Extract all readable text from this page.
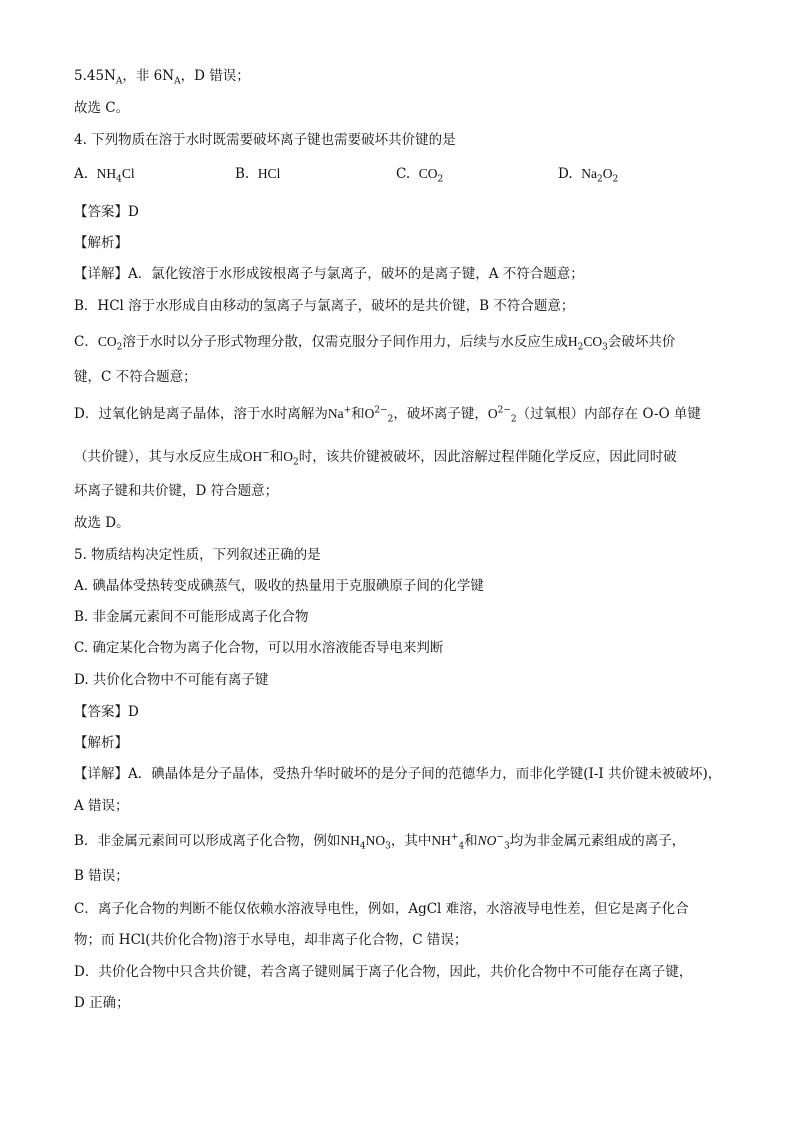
$5.45N_A$，非 $6N_A$，D 错误；
故选 C。
4. 下列物质在溶于水时既需要破坏离子键也需要破坏共价键的是
A. $NH_4Cl$	B. HCl	C. $CO_2$	D. $Na_2O_2$
【答案】D
【解析】
【详解】A．氯化铵溶于水形成铵根离子与氯离子，破坏的是离子键，A 不符合题意；
B．HCl 溶于水形成自由移动的氢离子与氯离子，破坏的是共价键，B 不符合题意；
C．$CO_2$溶于水时以分子形式物理分散，仅需克服分子间作用力，后续与水反应生成$H_2CO_3$会破坏共价
键，C 不符合题意；
D．过氧化钠是离子晶体，溶于水时离解为Na+和$O^{2-}_2$，破坏离子键，$O^{2-}_2$（过氧根）内部存在 O-O 单键
（共价键），其与水反应生成OH−和$O_2$时，该共价键被破坏，因此溶解过程伴随化学反应，因此同时破
坏离子键和共价键，D 符合题意；
故选 D。
5. 物质结构决定性质，下列叙述正确的是
A. 碘晶体受热转变成碘蒸气，吸收的热量用于克服碘原子间的化学键
B. 非金属元素间不可能形成离子化合物
C. 确定某化合物为离子化合物，可以用水溶液能否导电来判断
D. 共价化合物中不可能有离子键
【答案】D
【解析】
【详解】A．碘晶体是分子晶体，受热升华时破坏的是分子间的范德华力，而非化学键(I-I 共价键未被破坏)，
A 错误；
B．非金属元素间可以形成离子化合物，例如$NH_4NO_3$，其中$NH^+_4$和$NO^-_3$均为非金属元素组成的离子，
B 错误；
C．离子化合物的判断不能仅依赖水溶液导电性，例如，AgCl 难溶，水溶液导电性差，但它是离子化合
物；而 HCl(共价化合物)溶于水导电，却非离子化合物，C 错误；
D．共价化合物中只含共价键，若含离子键则属于离子化合物，因此，共价化合物中不可能存在离子键，
D 正确；
